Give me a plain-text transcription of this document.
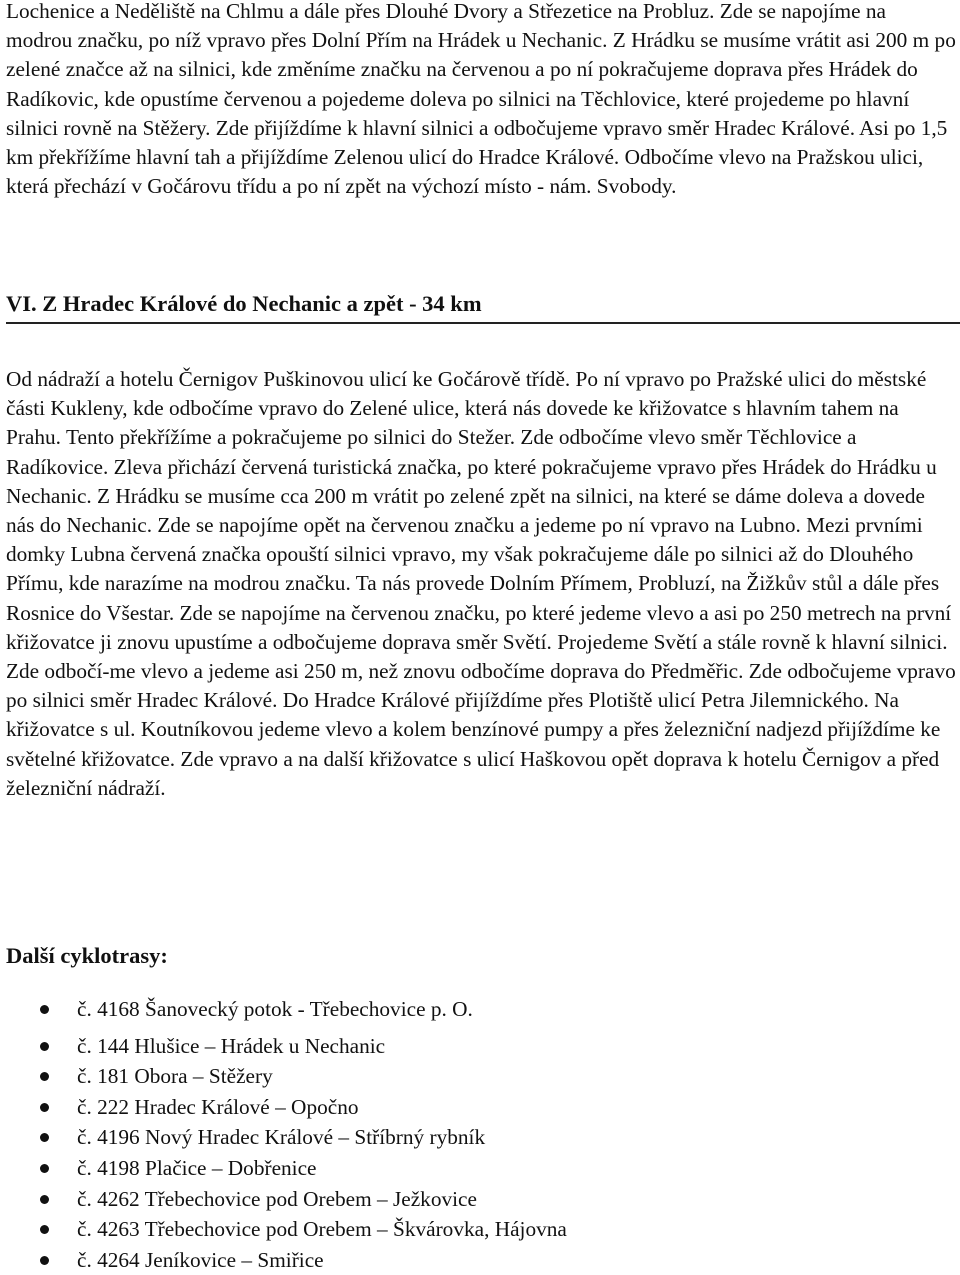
Lochenice a Neděliště na Chlmu a dále přes Dlouhé Dvory a Střezetice na Probluz. Zde se napojíme na modrou značku, po níž vpravo přes Dolní Přím na Hrádek u Nechanic. Z Hrádku se musíme vrátit asi 200 m po zelené značce až na silnici, kde změníme značku na červenou a po ní pokračujeme doprava přes Hrádek do Radíkovic, kde opustíme červenou a pojedeme doleva po silnici na Těchlovice, které projedeme po hlavní silnici rovně na Stěžery. Zde přijíždíme k hlavní silnici a odbočujeme vpravo směr Hradec Králové. Asi po 1,5 km překřížíme hlavní tah a přijíždíme Zelenou ulicí do Hradce Králové. Odbočíme vlevo na Pražskou ulici, která přechází v Gočárovu třídu a po ní zpět na výchozí místo - nám. Svobody.

VI. Z Hradec Králové do Nechanic a zpět - 34 km

Od nádraží a hotelu Černigov Puškinovou ulicí ke Gočárově třídě. Po ní vpravo po Pražské ulici do městské části Kukleny, kde odbočíme vpravo do Zelené ulice, která nás dovede ke křižovatce s hlavním tahem na Prahu. Tento překřížíme a pokračujeme po silnici do Stežer. Zde odbočíme vlevo směr Těchlovice a Radíkovice. Zleva přichází červená turistická značka, po které pokračujeme vpravo přes Hrádek do Hrádku u Nechanic. Z Hrádku se musíme cca 200 m vrátit po zelené zpět na silnici, na které se dáme doleva a dovede nás do Nechanic. Zde se napojíme opět na červenou značku a jedeme po ní vpravo na Lubno. Mezi prvními domky Lubna červená značka opouští silnici vpravo, my však pokračujeme dále po silnici až do Dlouhého Přímu, kde narazíme na modrou značku. Ta nás provede Dolním Přímem, Probluzí, na Žižkův stůl a dále přes Rosnice do Všestar. Zde se napojíme na červenou značku, po které jedeme vlevo a asi po 250 metrech na první křižovatce ji znovu upustíme a odbočujeme doprava směr Světí. Projedeme Světí a stále rovně k hlavní silnici. Zde odbočí-me vlevo a jedeme asi 250 m, než znovu odbočíme doprava do Předměřic. Zde odbočujeme vpravo po silnici směr Hradec Králové. Do Hradce Králové přijíždíme přes Plotiště ulicí Petra Jilemnického. Na křižovatce s ul. Koutníkovou jedeme vlevo a kolem benzínové pumpy a přes železniční nadjezd přijíždíme ke světelné křižovatce. Zde vpravo a na další křižovatce s ulicí Haškovou opět doprava k hotelu Černigov a před železniční nádraží.

Další cyklotrasy:
č. 4168 Šanovecký potok - Třebechovice p. O.
č. 144 Hlušice – Hrádek u Nechanic
č. 181 Obora – Stěžery
č. 222 Hradec Králové – Opočno
č. 4196 Nový Hradec Králové – Stříbrný rybník
č. 4198 Plačice – Dobřenice
č. 4262 Třebechovice pod Orebem – Ježkovice
č. 4263 Třebechovice pod Orebem – Škvárovka, Hájovna
č. 4264 Jeníkovice – Smiřice
